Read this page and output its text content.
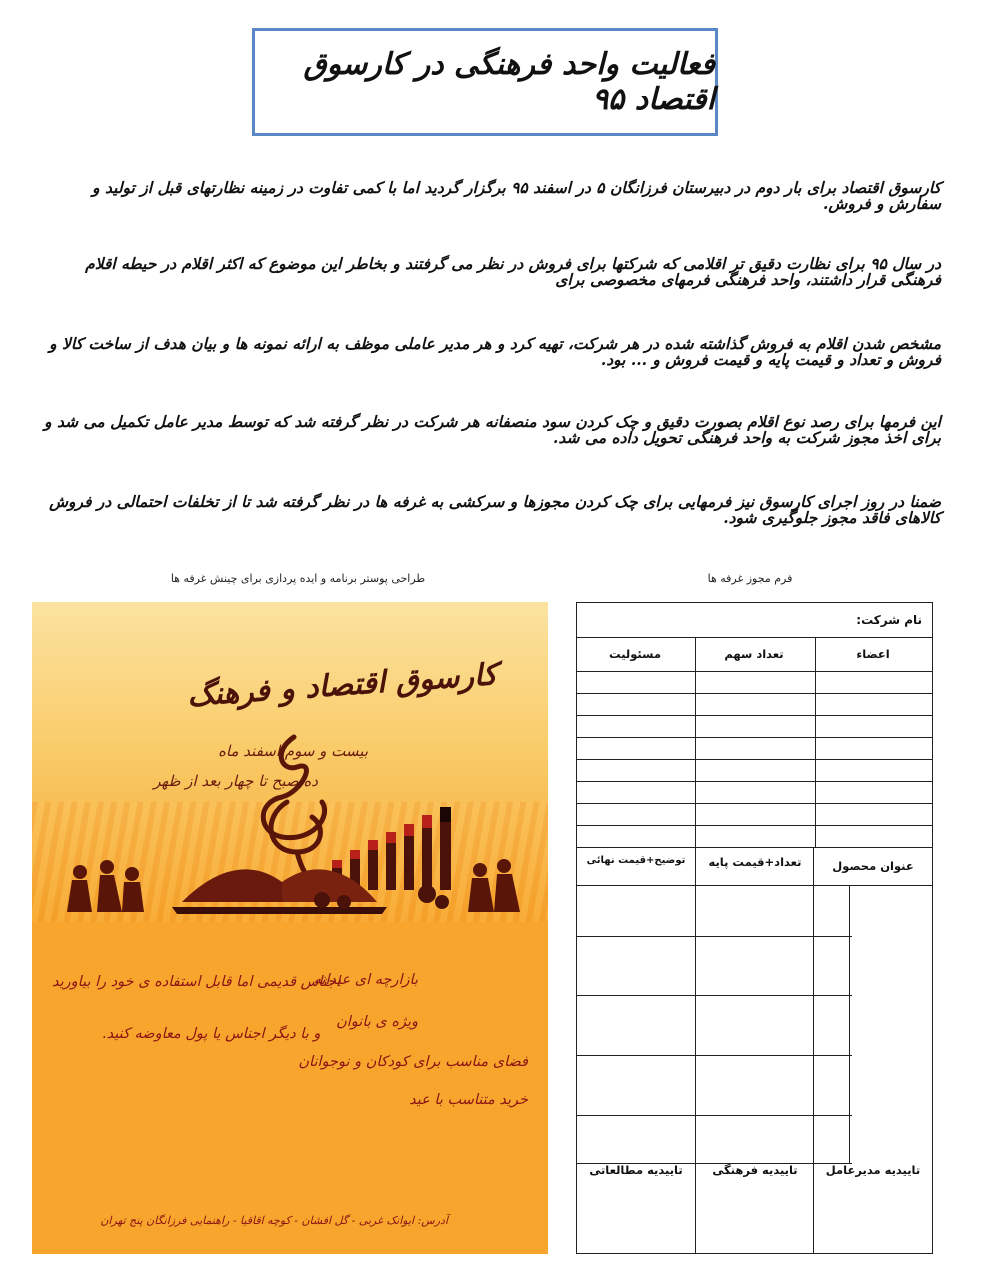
فعالیت واحد فرهنگی در کارسوق اقتصاد ۹۵
کارسوق اقتصاد برای بار دوم در دبیرستان فرزانگان ۵ در اسفند ۹۵ برگزار گردید اما با کمی تفاوت در زمینه نظارتهای قبل از تولید و سفارش و فروش.
در سال ۹۵ برای نظارت دقیق تر اقلامی که شرکتها برای فروش در نظر می گرفتند و بخاطر این موضوع که اکثر اقلام در حیطه اقلام فرهنگی قرار داشتند، واحد فرهنگی فرمهای مخصوصی برای
مشخص شدن اقلام به فروش گذاشته شده در هر شرکت، تهیه کرد و هر مدیر عاملی موظف به ارائه نمونه ها و بیان هدف از ساخت کالا و فروش و تعداد و قیمت پایه و قیمت فروش و ... بود.
این فرمها برای رصد نوع اقلام بصورت دقیق و چک کردن سود منصفانه هر شرکت در نظر گرفته شد که توسط مدیر عامل تکمیل می شد و برای اخذ مجوز شرکت به واحد فرهنگی تحویل داده می شد.
ضمنا در روز اجرای کارسوق نیز فرمهایی برای چک کردن مجوزها و سرکشی به غرفه ها در نظر گرفته شد تا از تخلفات احتمالی در فروش کالاهای فاقد مجوز جلوگیری شود.
طراحی پوستر برنامه و ایده پردازی برای چینش غرفه ها	فرم مجوز غرفه ها
کارسوق اقتصاد و فرهنگ
بیست و سوم اسفند ماه
ده صبح تا چهار بعد از ظهر
بازارچه ای عیدانه
ویژه ی بانوان
فضای مناسب برای کودکان و نوجوانان
خرید متناسب با عید
اجناس قدیمی اما قابل استفاده ی خود را بیاورید
و با دیگر اجناس یا پول معاوضه کنید.
آدرس: ایوانک غربی - گل افشان - کوچه اقاقیا - راهنمایی فرزانگان پنج تهران
نام شرکت:
اعضاء
تعداد سهم
مسئولیت
عنوان محصول
تعداد+قیمت پایه
توضیح+قیمت نهائی
تاییدیه مدیرعامل
تاییدیه فرهنگی
تاییدیه مطالعاتی
